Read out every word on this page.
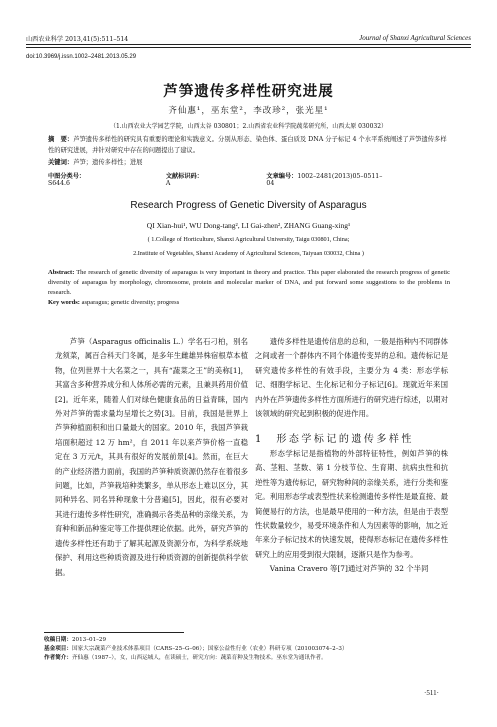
山西农业科学 2013,41(5):511–514	Journal of Shanxi Agricultural Sciences
doi:10.3969/j.issn.1002–2481.2013.05.29
芦笋遗传多样性研究进展
齐仙惠¹，巫东堂²，李改珍²，张光星¹
（1.山西农业大学园艺学院，山西太谷 030801；2.山西省农业科学院蔬菜研究所，山西太原 030032）
摘　要：芦笋遗传多样性的研究具有重要的理论和实践意义。分别从形态、染色体、蛋白质及 DNA 分子标记 4 个水平系统阐述了芦笋遗传多样性的研究进展，并针对研究中存在的问题提出了建议。
关键词：芦笋；遗传多样性；进展
中图分类号：S644.6
文献标识码：A
文章编号：1002–2481(2013)05–0511–04
Research Progress of Genetic Diversity of Asparagus
QI Xian-hui¹, WU Dong-tang², LI Gai-zhen², ZHANG Guang-xing¹
( 1.College of Horticulture, Shanxi Agricultural University, Taigu 030801, China;
2.Institute of Vegetables, Shanxi Academy of Agricultural Sciences, Taiyuan 030032, China )
Abstract: The research of genetic diversity of asparagus is very important in theory and practice. This paper elaborated the research progress of genetic diversity of asparagus by morphology, chromosome, protein and molecular marker of DNA, and put forward some suggestions to the problems in research.
Key words: asparagus; genetic diversity; progress

芦笋（Asparagus officinalis L.）学名石刁柏，别名龙须菜，属百合科天门冬属，是多年生雌雄异株宿根草本植物，位列世界十大名菜之一，具有“蔬菜之王”的美称[1]，其富含多种营养成分和人体所必需的元素，且兼具药用价值[2]。近年来，随着人们对绿色健康食品的日益青睐，国内外对芦笋的需求量均呈增长之势[3]。目前，我国是世界上芦笋种植面积和出口量最大的国家。2010 年，我国芦笋栽培面积超过 12 万 hm²，自 2011 年以来芦笋价格一直稳定在 3 万元/t，其具有很好的发展前景[4]。然而，在巨大的产业经济潜力面前，我国的芦笋种质资源仍然存在着很多问题，比如，芦笋栽培种类繁多，单从形态上难以区分，其同种异名、同名异种现象十分普遍[5]，因此，很有必要对其进行遗传多样性研究，准确揭示各类品种的亲缘关系，为育种和新品种鉴定等工作提供理论依据。此外，研究芦笋的遗传多样性还有助于了解其起源及资源分布，为科学系统地保护、利用这些种质资源及进行种质资源的创新提供科学依据。

遗传多样性是遗传信息的总和，一般是指种内不同群体之间或者一个群体内不同个体遗传变异的总和。遗传标记是研究遗传多样性的有效手段，主要分为 4 类：形态学标记、细胞学标记、生化标记和分子标记[6]。现就近年来国内外在芦笋遗传多样性方面所进行的研究进行综述，以期对该领域的研究起到积极的促进作用。

1　形态学标记的遗传多样性

形态学标记是指植物的外部特征特性，例如芦笋的株高、茎粗、茎数、第 1 分枝节位、生育期、抗病虫性和抗逆性等为遗传标记，研究物种间的亲缘关系，进行分类和鉴定。利用形态学或表型性状来检测遗传多样性是最直接、最简便易行的方法，也是最早使用的一种方法，但是由于表型性状数量较少，易受环境条件和人为因素等的影响，加之近年来分子标记技术的快速发展，使得形态标记在遗传多样性研究上的应用受到很大限制，逐渐只是作为参考。

Vanina Cravero 等[7]通过对芦笋的 32 个半同

收稿日期：2013–01–29
基金项目：国家大宗蔬菜产业技术体系项目（CARS–25–G–06）；国家公益性行业（农业）科研专项（201003074–2–3）
作者简介：齐仙惠（1987–），女，山西运城人，在读硕士，研究方向：蔬菜育种及生物技术。巫东堂为通讯作者。
·511·
